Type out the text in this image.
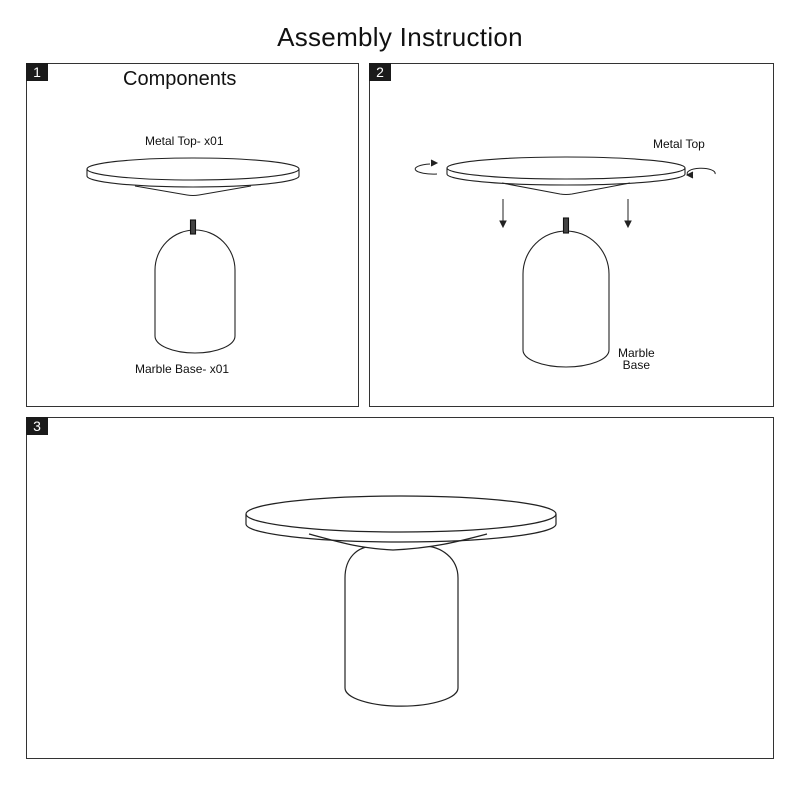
Assembly Instruction
1	Components
Metal Top- x01
Marble Base- x01
2
Metal Top
Marble
Base
3
